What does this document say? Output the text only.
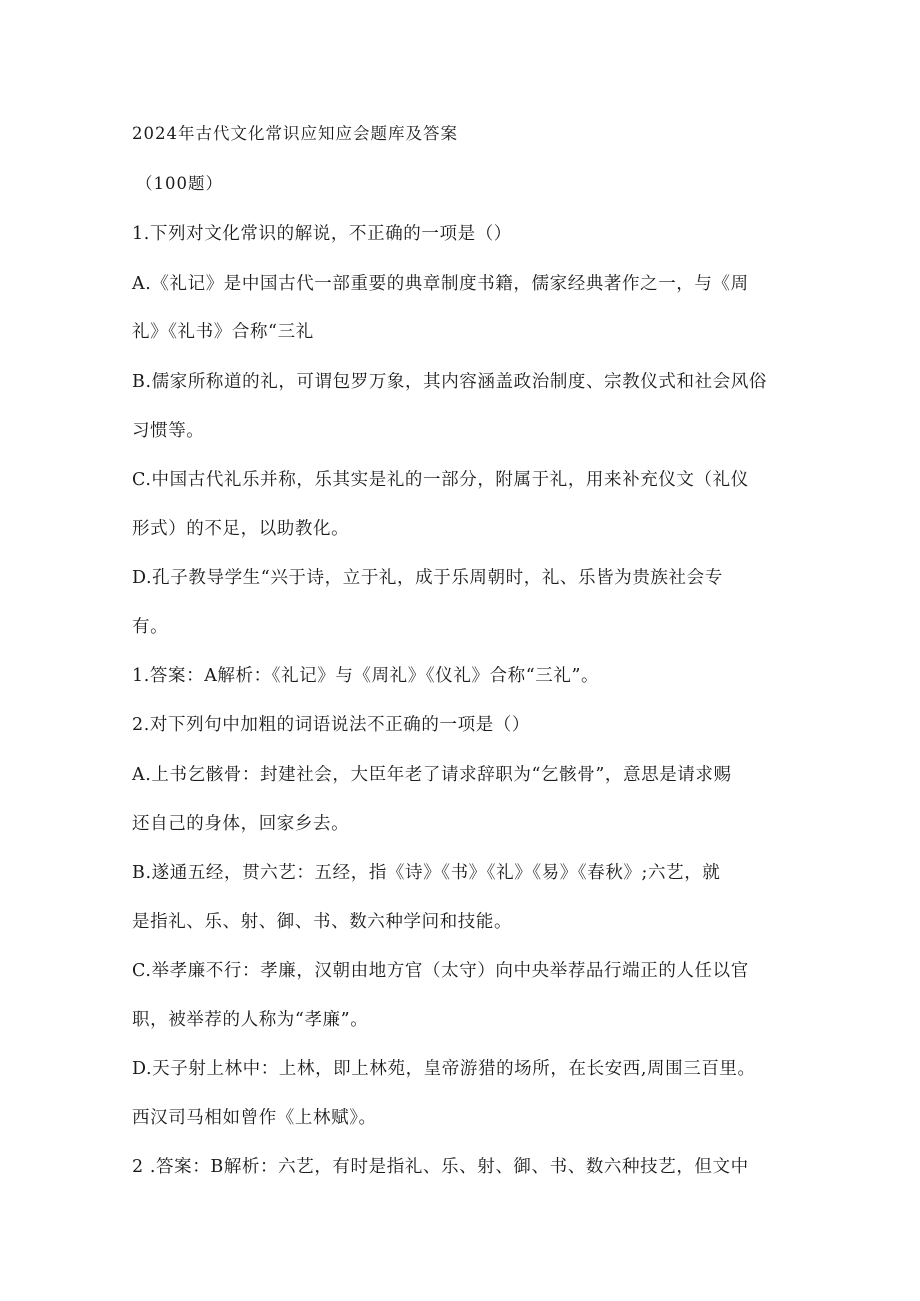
2024年古代文化常识应知应会题库及答案
（100题）
1.下列对文化常识的解说，不正确的一项是（）
A.《礼记》是中国古代一部重要的典章制度书籍，儒家经典著作之一，与《周
礼》《礼书》合称“三礼
B.儒家所称道的礼，可谓包罗万象，其内容涵盖政治制度、宗教仪式和社会风俗
习惯等。
C.中国古代礼乐并称，乐其实是礼的一部分，附属于礼，用来补充仪文（礼仪
形式）的不足，以助教化。
D.孔子教导学生“兴于诗，立于礼，成于乐周朝时，礼、乐皆为贵族社会专
有。
1.答案：A解析：《礼记》与《周礼》《仪礼》合称“三礼”。
2.对下列句中加粗的词语说法不正确的一项是（）
A.上书乞骸骨：封建社会，大臣年老了请求辞职为“乞骸骨”，意思是请求赐
还自己的身体，回家乡去。
B.遂通五经，贯六艺：五经，指《诗》《书》《礼》《易》《春秋》;六艺，就
是指礼、乐、射、御、书、数六种学问和技能。
C.举孝廉不行：孝廉，汉朝由地方官（太守）向中央举荐品行端正的人任以官
职，被举荐的人称为“孝廉”。
D.天子射上林中：上林，即上林苑，皇帝游猎的场所，在长安西,周围三百里。
西汉司马相如曾作《上林赋》。
2 .答案：B解析：六艺，有时是指礼、乐、射、御、书、数六种技艺，但文中
